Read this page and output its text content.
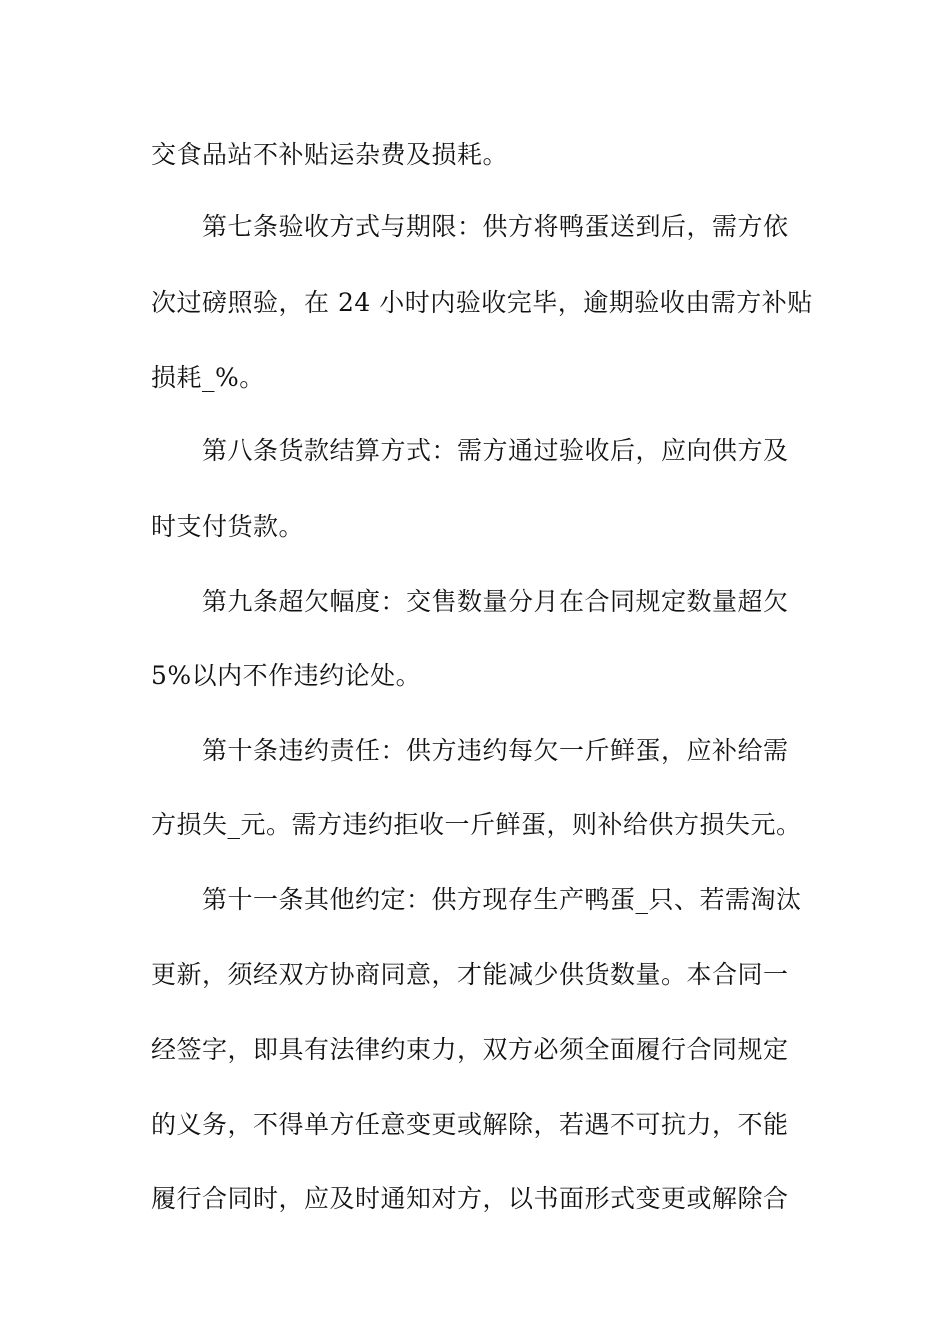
交食品站不补贴运杂费及损耗。
第七条验收方式与期限：供方将鸭蛋送到后，需方依
次过磅照验，在 24 小时内验收完毕，逾期验收由需方补贴
损耗_%。
第八条货款结算方式：需方通过验收后，应向供方及
时支付货款。
第九条超欠幅度：交售数量分月在合同规定数量超欠
5%以内不作违约论处。
第十条违约责任：供方违约每欠一斤鲜蛋，应补给需
方损失_元。需方违约拒收一斤鲜蛋，则补给供方损失元。
第十一条其他约定：供方现存生产鸭蛋_只、若需淘汰
更新，须经双方协商同意，才能减少供货数量。本合同一
经签字，即具有法律约束力，双方必须全面履行合同规定
的义务，不得单方任意变更或解除，若遇不可抗力，不能
履行合同时，应及时通知对方，以书面形式变更或解除合
